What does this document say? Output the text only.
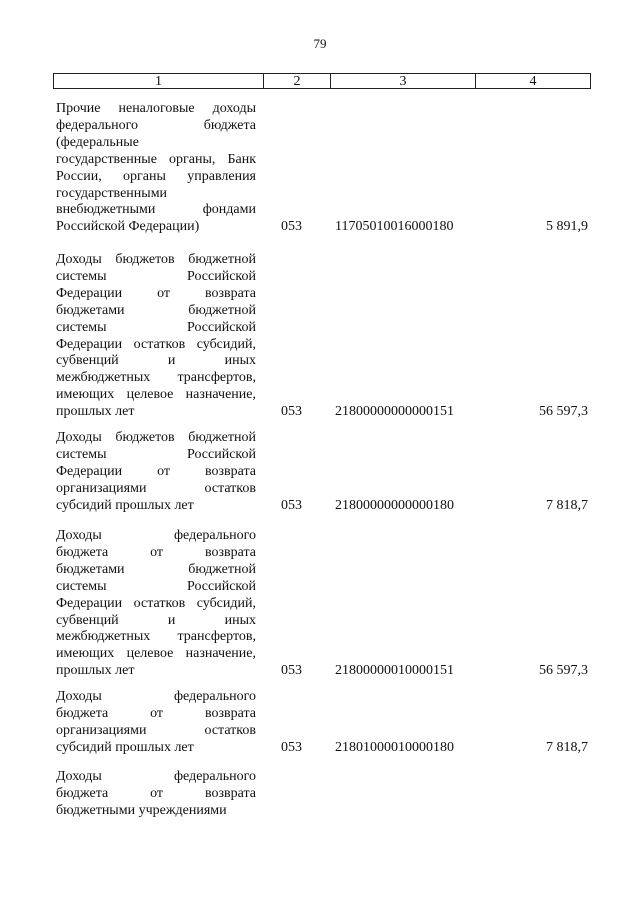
79
1	2	3	4
Прочие неналоговые доходы
федерального бюджета
(федеральные
государственные органы, Банк
России, органы управления
государственными
внебюджетными фондами
Российской Федерации)	053	11705010016000180	5 891,9
Доходы бюджетов бюджетной
системы Российской
Федерации от возврата
бюджетами бюджетной
системы Российской
Федерации остатков субсидий,
субвенций и иных
межбюджетных трансфертов,
имеющих целевое назначение,
прошлых лет	053	21800000000000151	56 597,3
Доходы бюджетов бюджетной
системы Российской
Федерации от возврата
организациями остатков
субсидий прошлых лет	053	21800000000000180	7 818,7
Доходы федерального
бюджета от возврата
бюджетами бюджетной
системы Российской
Федерации остатков субсидий,
субвенций и иных
межбюджетных трансфертов,
имеющих целевое назначение,
прошлых лет	053	21800000010000151	56 597,3
Доходы федерального
бюджета от возврата
организациями остатков
субсидий прошлых лет	053	21801000010000180	7 818,7
Доходы федерального
бюджета от возврата
бюджетными учреждениями
